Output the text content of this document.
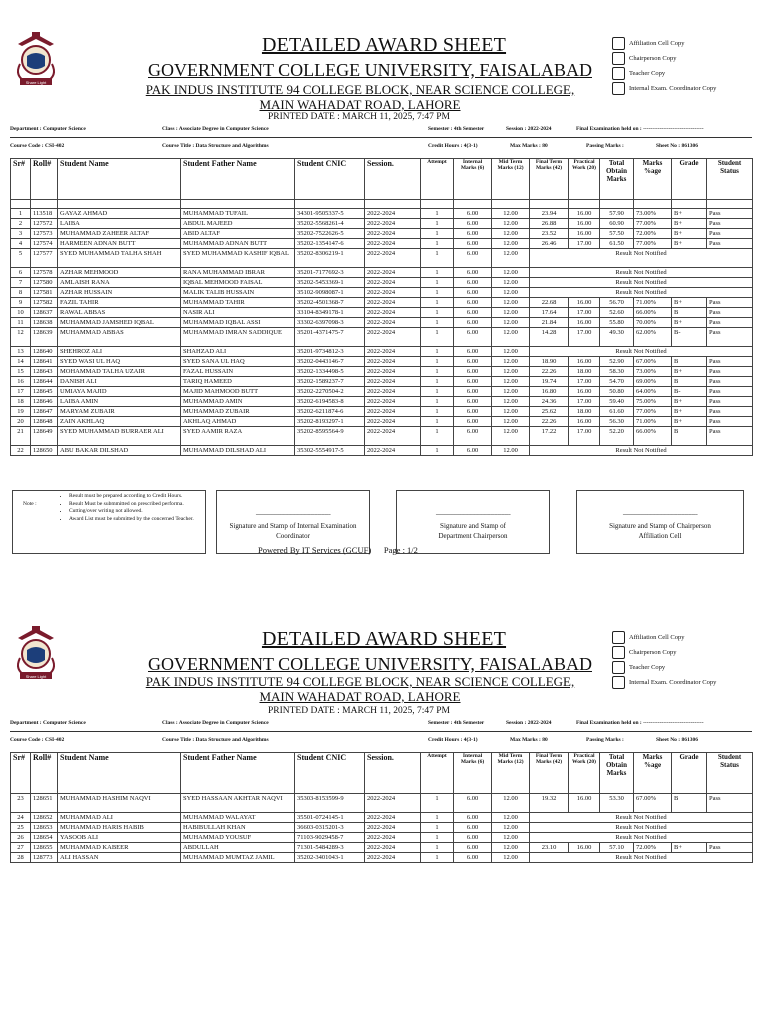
Share Light
DETAILED AWARD SHEET
GOVERNMENT COLLEGE UNIVERSITY, FAISALABAD
PAK INDUS INSTITUTE 94 COLLEGE BLOCK, NEAR SCIENCE COLLEGE, MAIN WAHADAT ROAD, LAHORE
PRINTED DATE : MARCH 11, 2025, 7:47 PM
Affiliation Cell Copy
Chairperson Copy
Teacher Copy
Internal Exam. Coordinator Copy
Department : Computer Science	Class : Associate Degree in Computer Science	Semester : 4th Semester	Session : 2022-2024	Final Examination held on : ---------------------------------
Course Code : CSI-402	Course Title : Data Structure and Algorithms	Credit Hours : 4(3-1)	Max Marks : 80	Passing Marks :	Sheet No : 861306
Sr#	Roll#	Student Name	Student Father Name	Student CNIC	Session.	Attempt	Internal Marks (6)	Mid Term Marks (12)	Final Term Marks (42)	Practical Work (20)	Total Obtain Marks	Marks %age	Grade	Student Status

1	113518	GAYAZ AHMAD	MUHAMMAD TUFAIL	34301-9505337-5	2022-2024	1	6.00	12.00	23.94	16.00	57.90	73.00%	B+	Pass
2	127572	LAIBA	ABDUL MAJEED	35202-5568261-4	2022-2024	1	6.00	12.00	26.88	16.00	60.90	77.00%	B+	Pass
3	127573	MUHAMMAD ZAHEER ALTAF	ABID ALTAF	35202-7522626-5	2022-2024	1	6.00	12.00	23.52	16.00	57.50	72.00%	B+	Pass
4	127574	HARMEEN ADNAN BUTT	MUHAMMAD ADNAN BUTT	35202-1354147-6	2022-2024	1	6.00	12.00	26.46	17.00	61.50	77.00%	B+	Pass
5	127577	SYED MUHAMMAD TALHA SHAH	SYED MUHAMMAD KASHIF IQBAL	35202-8306219-1	2022-2024	1	6.00	12.00	Result Not Notified					
6	127578	AZHAR MEHMOOD	RANA MUHAMMAD IBRAR	35201-7177692-3	2022-2024	1	6.00	12.00	Result Not Notified					
7	127580	AMLAISH RANA	IQBAL MEHMOOD FAISAL	35202-5453369-1	2022-2024	1	6.00	12.00	Result Not Notified					
8	127581	AZHAR HUSSAIN	MALIK TALIB HUSSAIN	35102-9098087-1	2022-2024	1	6.00	12.00	Result Not Notified					
9	127582	FAZIL TAHIR	MUHAMMAD TAHIR	35202-4501368-7	2022-2024	1	6.00	12.00	22.68	16.00	56.70	71.00%	B+	Pass
10	128637	RAWAL ABBAS	NASIR ALI	33104-8349178-1	2022-2024	1	6.00	12.00	17.64	17.00	52.60	66.00%	B	Pass
11	128638	MUHAMMAD JAMSHED IQBAL	MUHAMMAD IQBAL ASSI	33302-6397098-3	2022-2024	1	6.00	12.00	21.84	16.00	55.80	70.00%	B+	Pass
12	128639	MUHAMMAD ABBAS	MUHAMMAD IMRAN SADDIQUE	35201-4371475-7	2022-2024	1	6.00	12.00	14.28	17.00	49.30	62.00%	B-	Pass
13	128640	SHEHROZ ALI	SHAHZAD ALI	35201-9734812-3	2022-2024	1	6.00	12.00	Result Not Notified					
14	128641	SYED WASI UL HAQ	SYED SANA UL HAQ	35202-0443146-7	2022-2024	1	6.00	12.00	18.90	16.00	52.90	67.00%	B	Pass
15	128643	MOHAMMAD TALHA UZAIR	FAZAL HUSSAIN	35202-1334498-5	2022-2024	1	6.00	12.00	22.26	18.00	58.30	73.00%	B+	Pass
16	128644	DANISH ALI	TARIQ HAMEED	35202-1589237-7	2022-2024	1	6.00	12.00	19.74	17.00	54.70	69.00%	B	Pass
17	128645	UMIAYA MAJID	MAJID MAHMOOD BUTT	35202-2270504-2	2022-2024	1	6.00	12.00	16.80	16.00	50.80	64.00%	B-	Pass
18	128646	LAIBA AMIN	MUHAMMAD AMIN	35202-6194583-8	2022-2024	1	6.00	12.00	24.36	17.00	59.40	75.00%	B+	Pass
19	128647	MARYAM ZUBAIR	MUHAMMAD ZUBAIR	35202-6211874-6	2022-2024	1	6.00	12.00	25.62	18.00	61.60	77.00%	B+	Pass
20	128648	ZAIN AKHLAQ	AKHLAQ AHMAD	35202-8193297-1	2022-2024	1	6.00	12.00	22.26	16.00	56.30	71.00%	B+	Pass
21	128649	SYED MUHAMMAD BURRAER ALI	SYED AAMIR RAZA	35202-8595564-9	2022-2024	1	6.00	12.00	17.22	17.00	52.20	66.00%	B	Pass
22	128650	ABU BAKAR DILSHAD	MUHAMMAD DILSHAD ALI	35302-5554917-5	2022-2024	1	6.00	12.00	Result Not Notified					
Note :
• Result must be prepared according to Credit Hours.
• Result Must be submmitted on prescribed performa.
• Cutting/over writing not allowed.
• Award List must be submitted by the concerned Teacher.	----------------------------------------------------------------
Signature and Stamp of Internal Examination Coordinator
----------------------------------------------------------------
Signature and Stamp of Department Chairperson
----------------------------------------------------------------
Signature and Stamp of Chairperson Affiliation Cell
Powered By IT Services (GCUF) Page : 1/2
Share Light
DETAILED AWARD SHEET
GOVERNMENT COLLEGE UNIVERSITY, FAISALABAD
PAK INDUS INSTITUTE 94 COLLEGE BLOCK, NEAR SCIENCE COLLEGE, MAIN WAHADAT ROAD, LAHORE
PRINTED DATE : MARCH 11, 2025, 7:47 PM
Affiliation Cell Copy
Chairperson Copy
Teacher Copy
Internal Exam. Coordinator Copy
Department : Computer Science	Class : Associate Degree in Computer Science	Semester : 4th Semester	Session : 2022-2024	Final Examination held on : ---------------------------------
Course Code : CSI-402	Course Title : Data Structure and Algorithms	Credit Hours : 4(3-1)	Max Marks : 80	Passing Marks :	Sheet No : 861306
Sr#	Roll#	Student Name	Student Father Name	Student CNIC	Session.	Attempt	Internal Marks (6)	Mid Term Marks (12)	Final Term Marks (42)	Practical Work (20)	Total Obtain Marks	Marks %age	Grade	Student Status
23	128651	MUHAMMAD HASHIM NAQVI	SYED HASSAAN AKHTAR NAQVI	35303-8153599-9	2022-2024	1	6.00	12.00	19.32	16.00	53.30	67.00%	B	Pass
24	128652	MUHAMMAD ALI	MUHAMMAD WALAYAT	35501-0724145-1	2022-2024	1	6.00	12.00	Result Not Notified					
25	128653	MUHAMMAD HARIS HABIB	HABIBULLAH KHAN	36603-0315201-3	2022-2024	1	6.00	12.00	Result Not Notified					
26	128654	YASOOB ALI	MUHAMMAD YOUSUF	71103-9029458-7	2022-2024	1	6.00	12.00	Result Not Notified					
27	128655	MUHAMMAD KABEER	ABDULLAH	71301-5484289-3	2022-2024	1	6.00	12.00	23.10	16.00	57.10	72.00%	B+	Pass
28	128773	ALI HASSAN	MUHAMMAD MUMTAZ JAMIL	35202-3401043-1	2022-2024	1	6.00	12.00	Result Not Notified					
